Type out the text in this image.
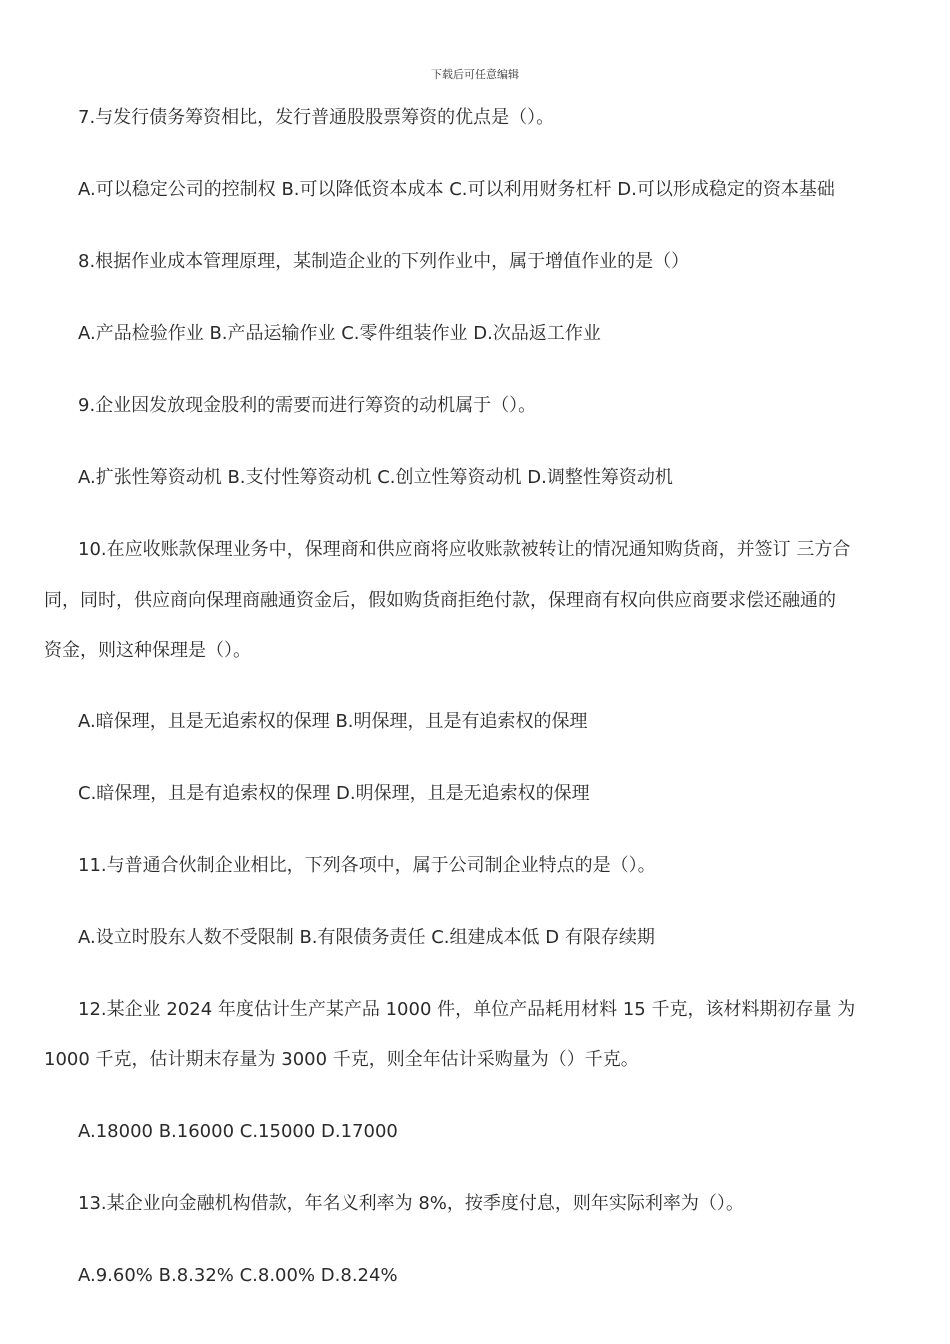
下载后可任意编辑
7.与发行债务筹资相比，发行普通股股票筹资的优点是（）。
A.可以稳定公司的控制权 B.可以降低资本成本 C.可以利用财务杠杆 D.可以形成稳定的资本基础
8.根据作业成本管理原理，某制造企业的下列作业中，属于增值作业的是（）
A.产品检验作业 B.产品运输作业 C.零件组装作业 D.次品返工作业
9.企业因发放现金股利的需要而进行筹资的动机属于（）。
A.扩张性筹资动机 B.支付性筹资动机 C.创立性筹资动机 D.调整性筹资动机
10.在应收账款保理业务中，保理商和供应商将应收账款被转让的情况通知购货商，并签订 三方合
同，同时，供应商向保理商融通资金后，假如购货商拒绝付款，保理商有权向供应商要求偿还融通的
资金，则这种保理是（）。
A.暗保理，且是无追索权的保理 B.明保理，且是有追索权的保理
C.暗保理，且是有追索权的保理 D.明保理，且是无追索权的保理
11.与普通合伙制企业相比，下列各项中，属于公司制企业特点的是（）。
A.设立时股东人数不受限制 B.有限债务责任 C.组建成本低 D 有限存续期
12.某企业 2024 年度估计生产某产品 1000 件，单位产品耗用材料 15 千克，该材料期初存量 为
1000 千克，估计期末存量为 3000 千克，则全年估计采购量为（）千克。
A.18000 B.16000 C.15000 D.17000
13.某企业向金融机构借款，年名义利率为 8%，按季度付息，则年实际利率为（）。
A.9.60% B.8.32% C.8.00% D.8.24%
